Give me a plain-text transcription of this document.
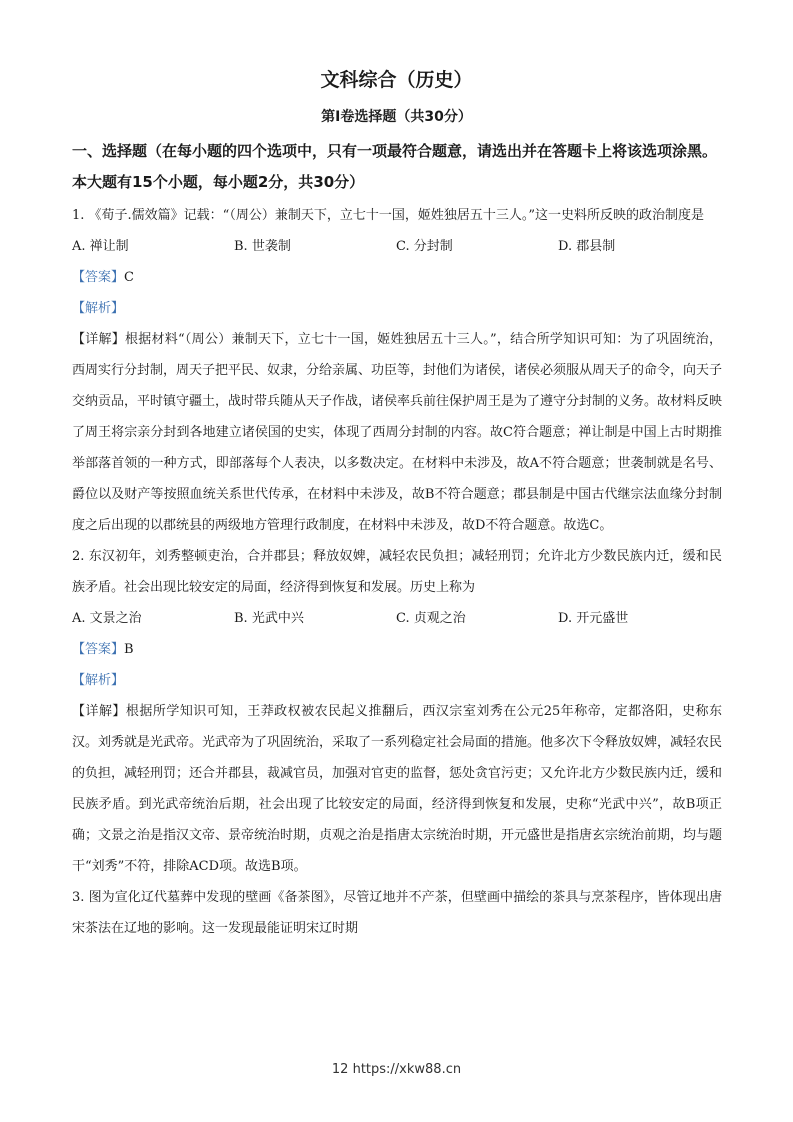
文科综合（历史）
第Ⅰ卷选择题（共30分）
一、选择题（在每小题的四个选项中，只有一项最符合题意，请选出并在答题卡上将该选项涂黑。本大题有15个小题，每小题2分，共30分）

1. 《荀子.儒效篇》记载：“（周公）兼制天下，立七十一国，姬姓独居五十三人。”这一史料所反映的政治制度是

A. 禅让制	B. 世袭制	C. 分封制	D. 郡县制

【答案】C

【解析】

【详解】根据材料“（周公）兼制天下，立七十一国，姬姓独居五十三人。”，结合所学知识可知：为了巩固统治，西周实行分封制，周天子把平民、奴隶，分给亲属、功臣等，封他们为诸侯，诸侯必须服从周天子的命令，向天子交纳贡品，平时镇守疆土，战时带兵随从天子作战，诸侯率兵前往保护周王是为了遵守分封制的义务。故材料反映了周王将宗亲分封到各地建立诸侯国的史实，体现了西周分封制的内容。故C符合题意；禅让制是中国上古时期推举部落首领的一种方式，即部落每个人表决，以多数决定。在材料中未涉及，故A不符合题意；世袭制就是名号、爵位以及财产等按照血统关系世代传承，在材料中未涉及，故B不符合题意；郡县制是中国古代继宗法血缘分封制度之后出现的以郡统县的两级地方管理行政制度，在材料中未涉及，故D不符合题意。故选C。

2. 东汉初年，刘秀整顿吏治，合并郡县；释放奴婢，减轻农民负担；减轻刑罚；允许北方少数民族内迁，缓和民族矛盾。社会出现比较安定的局面，经济得到恢复和发展。历史上称为

A. 文景之治	B. 光武中兴	C. 贞观之治	D. 开元盛世

【答案】B

【解析】

【详解】根据所学知识可知，王莽政权被农民起义推翻后，西汉宗室刘秀在公元25年称帝，定都洛阳，史称东汉。刘秀就是光武帝。光武帝为了巩固统治，采取了一系列稳定社会局面的措施。他多次下令释放奴婢，减轻农民的负担，减轻刑罚；还合并郡县，裁减官员，加强对官吏的监督，惩处贪官污吏；又允许北方少数民族内迁，缓和民族矛盾。到光武帝统治后期，社会出现了比较安定的局面，经济得到恢复和发展，史称“光武中兴”，故B项正确；文景之治是指汉文帝、景帝统治时期，贞观之治是指唐太宗统治时期，开元盛世是指唐玄宗统治前期，均与题干“刘秀”不符，排除ACD项。故选B项。

3. 图为宣化辽代墓葬中发现的壁画《备茶图》，尽管辽地并不产茶，但壁画中描绘的茶具与烹茶程序，皆体现出唐宋茶法在辽地的影响。这一发现最能证明宋辽时期

12 https://xkw88.cn
